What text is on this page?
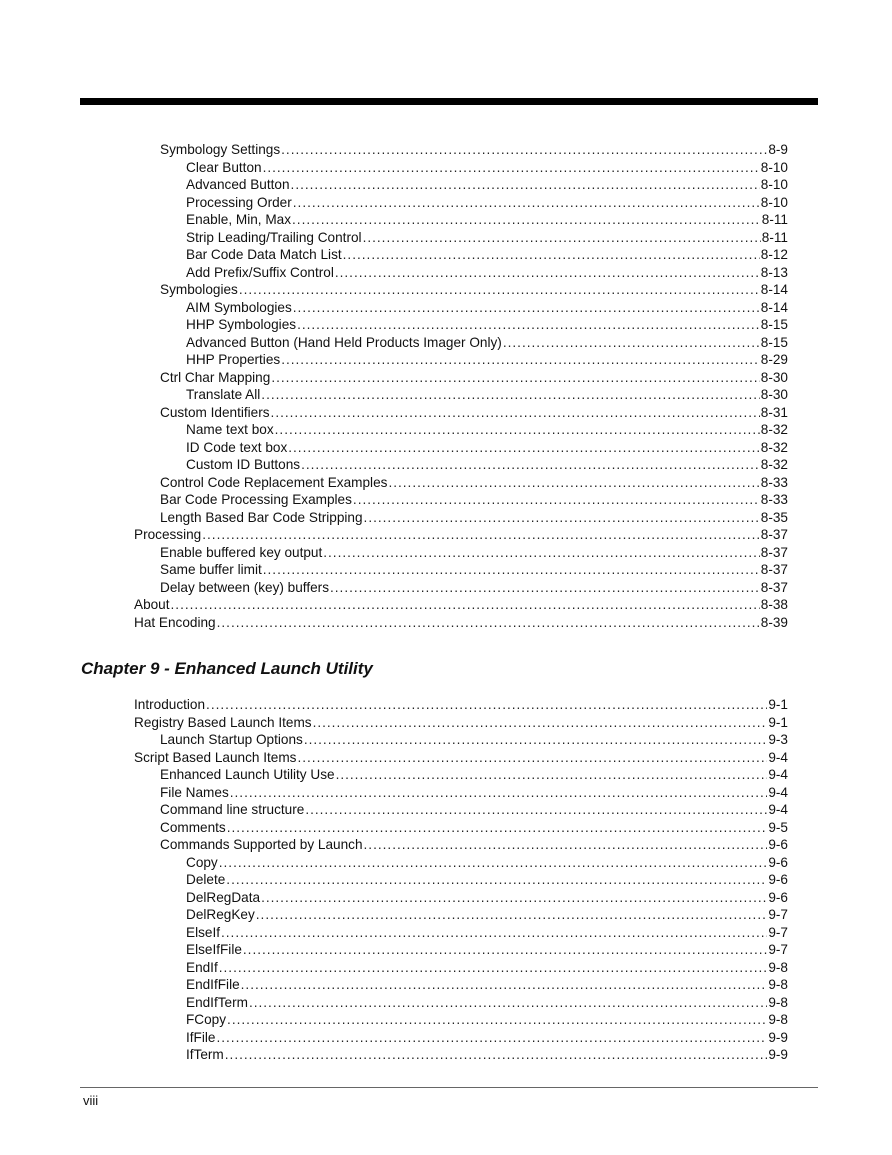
Symbology Settings .....	8-9
Clear Button .....	8-10
Advanced Button .....	8-10
Processing Order .....	8-10
Enable, Min, Max .....	8-11
Strip Leading/Trailing Control .....	8-11
Bar Code Data Match List .....	8-12
Add Prefix/Suffix Control .....	8-13
Symbologies .....	8-14
AIM Symbologies .....	8-14
HHP Symbologies .....	8-15
Advanced Button (Hand Held Products Imager Only) .....	8-15
HHP Properties .....	8-29
Ctrl Char Mapping .....	8-30
Translate All .....	8-30
Custom Identifiers .....	8-31
Name text box .....	8-32
ID Code text box .....	8-32
Custom ID Buttons .....	8-32
Control Code Replacement Examples .....	8-33
Bar Code Processing Examples .....	8-33
Length Based Bar Code Stripping .....	8-35
Processing .....	8-37
Enable buffered key output .....	8-37
Same buffer limit .....	8-37
Delay between (key) buffers .....	8-37
About .....	8-38
Hat Encoding .....	8-39
Introduction .....	9-1
Registry Based Launch Items .....	9-1
Launch Startup Options .....	9-3
Script Based Launch Items .....	9-4
Enhanced Launch Utility Use .....	9-4
File Names .....	9-4
Command line structure .....	9-4
Comments .....	9-5
Commands Supported by Launch .....	9-6
Copy .....	9-6
Delete .....	9-6
DelRegData .....	9-6
DelRegKey .....	9-7
ElseIf .....	9-7
ElseIfFile .....	9-7
EndIf .....	9-8
EndIfFile .....	9-8
EndIfTerm .....	9-8
FCopy .....	9-8
IfFile .....	9-9
IfTerm .....	9-9
Chapter 9 - Enhanced Launch Utility
viii
